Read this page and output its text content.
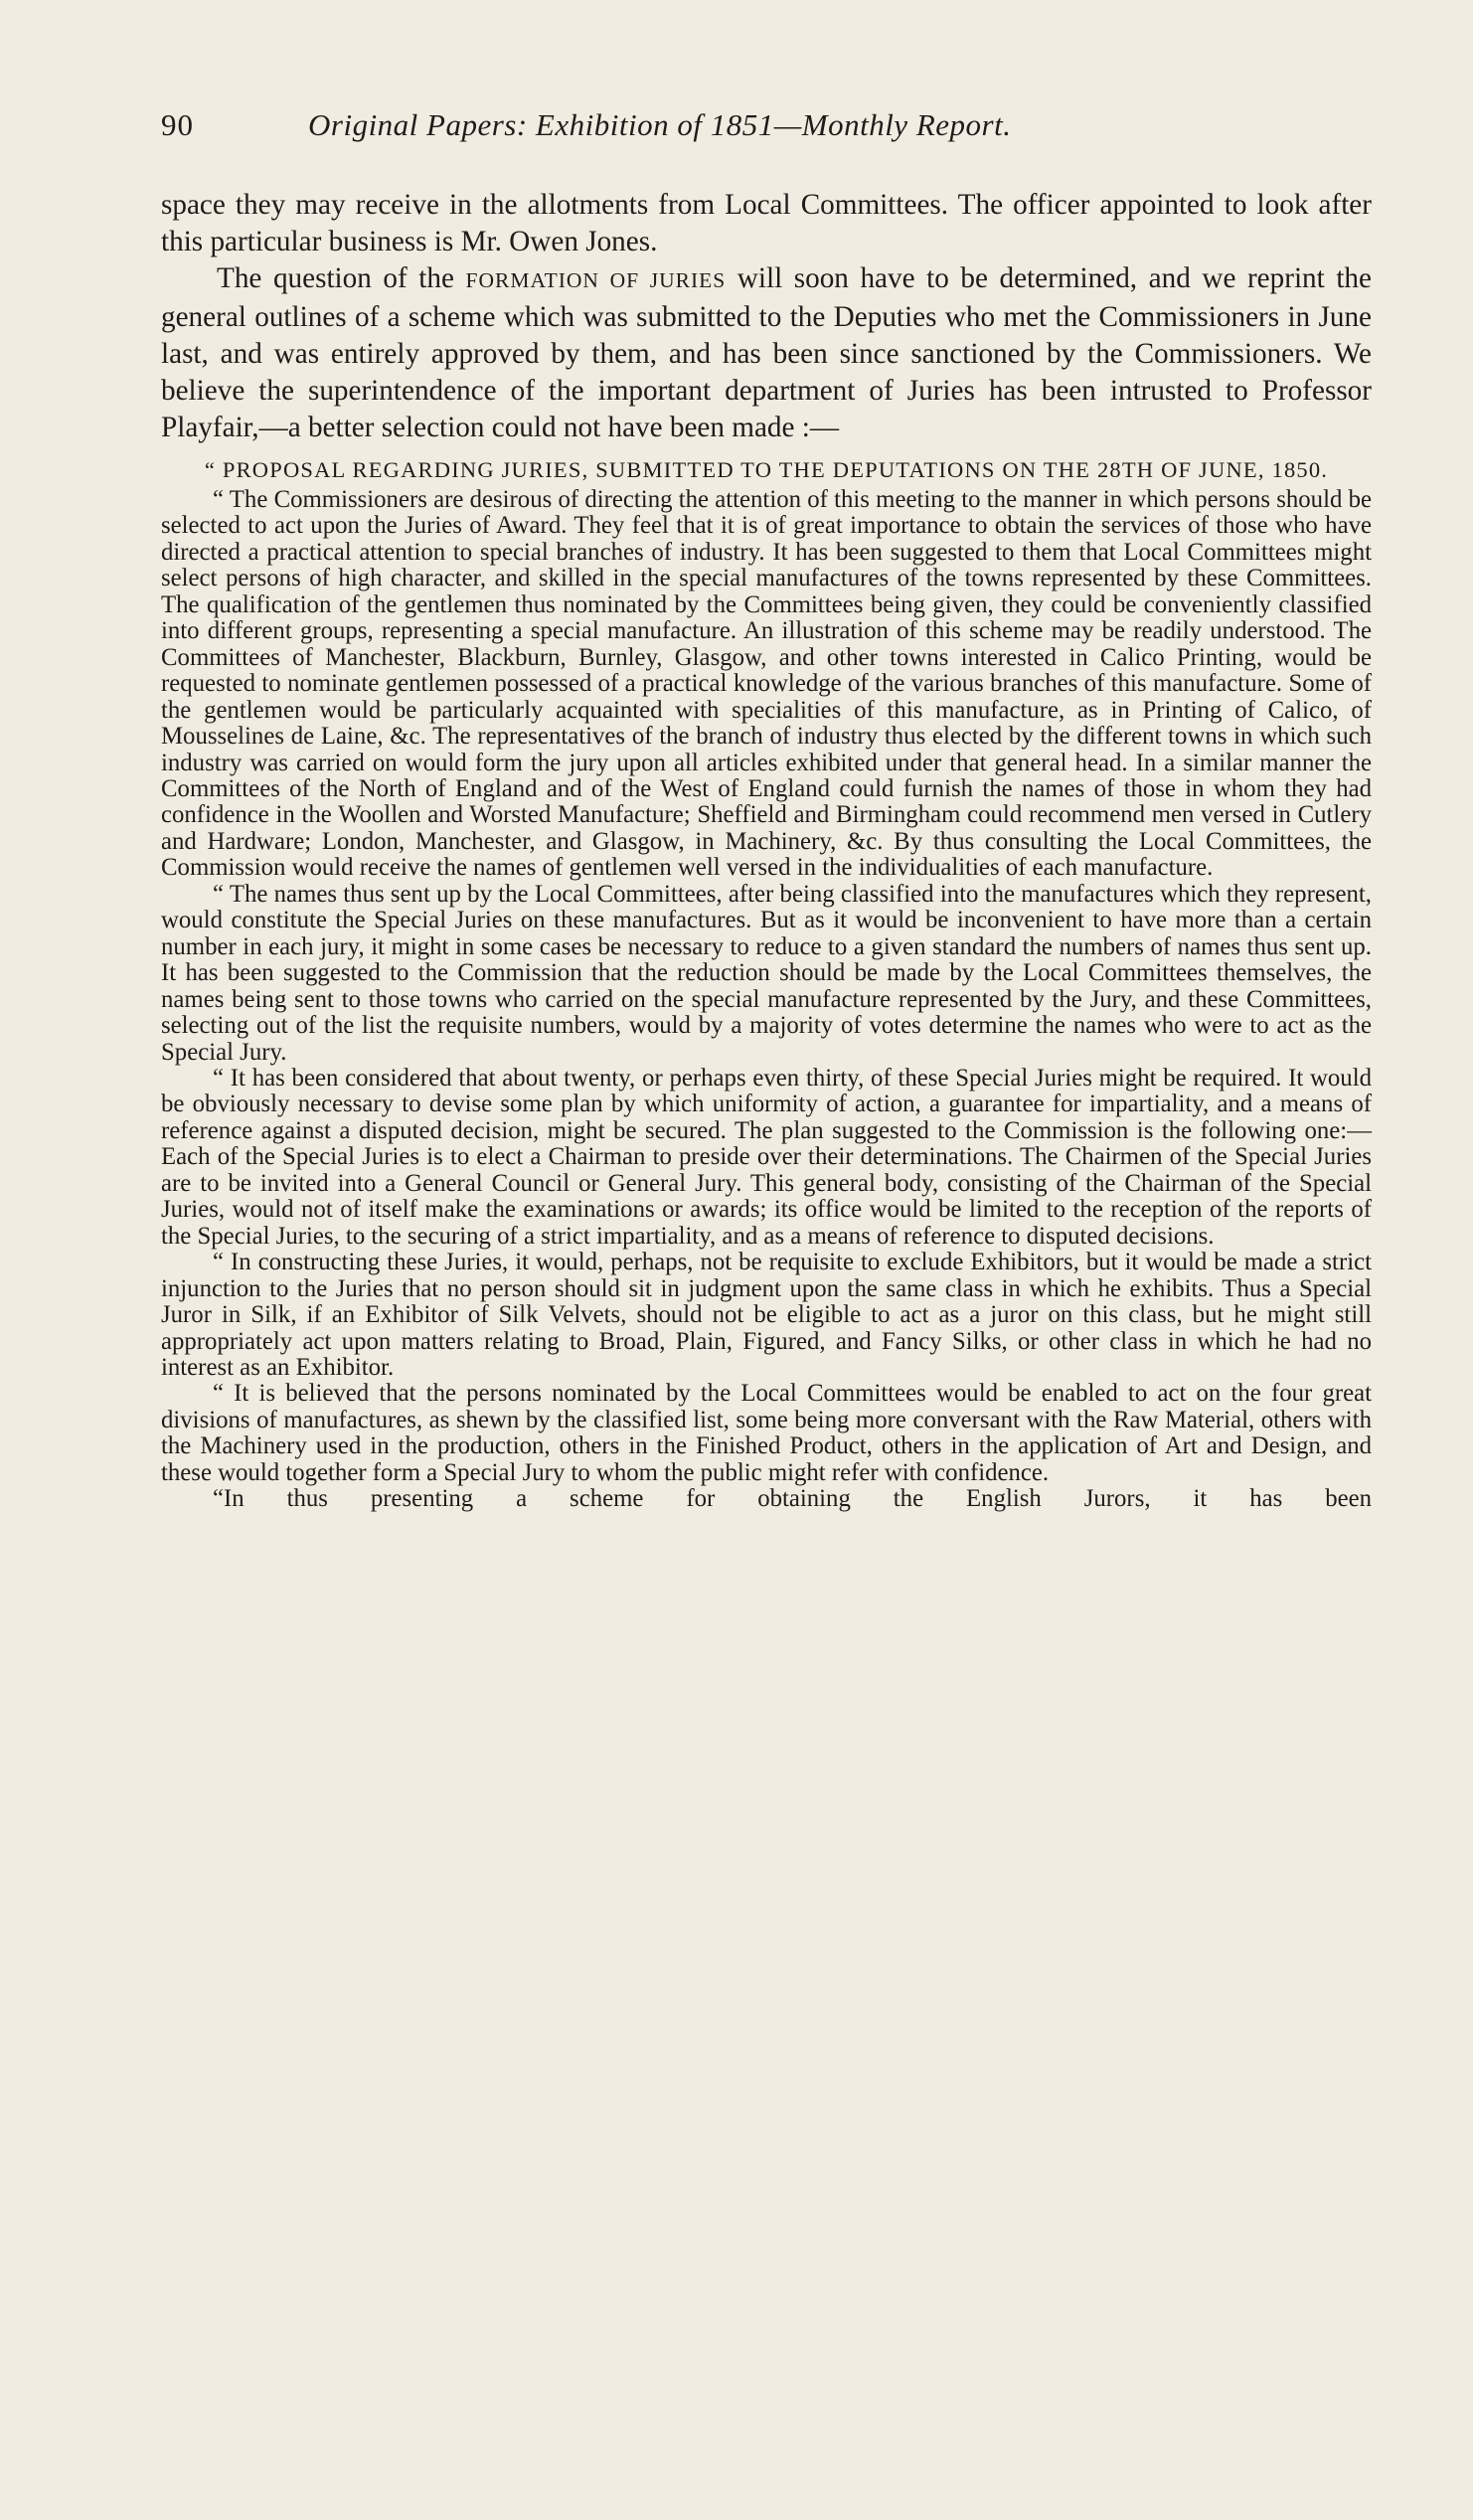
90	Original Papers: Exhibition of 1851—Monthly Report.

space they may receive in the allotments from Local Committees. The officer appointed to look after this particular business is Mr. Owen Jones.

The question of the FORMATION OF JURIES will soon have to be determined, and we reprint the general outlines of a scheme which was submitted to the Deputies who met the Commissioners in June last, and was entirely approved by them, and has been since sanctioned by the Commissioners. We believe the superintendence of the important department of Juries has been intrusted to Professor Playfair,—a better selection could not have been made :—

“ PROPOSAL REGARDING JURIES, SUBMITTED TO THE DEPUTATIONS ON THE 28TH OF JUNE, 1850.

“ The Commissioners are desirous of directing the attention of this meeting to the manner in which persons should be selected to act upon the Juries of Award. They feel that it is of great importance to obtain the services of those who have directed a practical attention to special branches of industry. It has been suggested to them that Local Committees might select persons of high character, and skilled in the special manufactures of the towns represented by these Committees. The qualification of the gentlemen thus nominated by the Committees being given, they could be conveniently classified into different groups, representing a special manufacture. An illustration of this scheme may be readily understood. The Committees of Manchester, Blackburn, Burnley, Glasgow, and other towns interested in Calico Printing, would be requested to nominate gentlemen possessed of a practical knowledge of the various branches of this manufacture. Some of the gentlemen would be particularly acquainted with specialities of this manufacture, as in Printing of Calico, of Mousselines de Laine, &c. The representatives of the branch of industry thus elected by the different towns in which such industry was carried on would form the jury upon all articles exhibited under that general head. In a similar manner the Committees of the North of England and of the West of England could furnish the names of those in whom they had confidence in the Woollen and Worsted Manufacture; Sheffield and Birmingham could recommend men versed in Cutlery and Hardware; London, Manchester, and Glasgow, in Machinery, &c. By thus consulting the Local Committees, the Commission would receive the names of gentlemen well versed in the individualities of each manufacture.

“ The names thus sent up by the Local Committees, after being classified into the manufactures which they represent, would constitute the Special Juries on these manufactures. But as it would be inconvenient to have more than a certain number in each jury, it might in some cases be necessary to reduce to a given standard the numbers of names thus sent up. It has been suggested to the Commission that the reduction should be made by the Local Committees themselves, the names being sent to those towns who carried on the special manufacture represented by the Jury, and these Committees, selecting out of the list the requisite numbers, would by a majority of votes determine the names who were to act as the Special Jury.

“ It has been considered that about twenty, or perhaps even thirty, of these Special Juries might be required. It would be obviously necessary to devise some plan by which uniformity of action, a guarantee for impartiality, and a means of reference against a disputed decision, might be secured. The plan suggested to the Commission is the following one:—Each of the Special Juries is to elect a Chairman to preside over their determinations. The Chairmen of the Special Juries are to be invited into a General Council or General Jury. This general body, consisting of the Chairman of the Special Juries, would not of itself make the examinations or awards; its office would be limited to the reception of the reports of the Special Juries, to the securing of a strict impartiality, and as a means of reference to disputed decisions.

“ In constructing these Juries, it would, perhaps, not be requisite to exclude Exhibitors, but it would be made a strict injunction to the Juries that no person should sit in judgment upon the same class in which he exhibits. Thus a Special Juror in Silk, if an Exhibitor of Silk Velvets, should not be eligible to act as a juror on this class, but he might still appropriately act upon matters relating to Broad, Plain, Figured, and Fancy Silks, or other class in which he had no interest as an Exhibitor.

“ It is believed that the persons nominated by the Local Committees would be enabled to act on the four great divisions of manufactures, as shewn by the classified list, some being more conversant with the Raw Material, others with the Machinery used in the production, others in the Finished Product, others in the application of Art and Design, and these would together form a Special Jury to whom the public might refer with confidence.

“In thus presenting a scheme for obtaining the English Jurors, it has been
